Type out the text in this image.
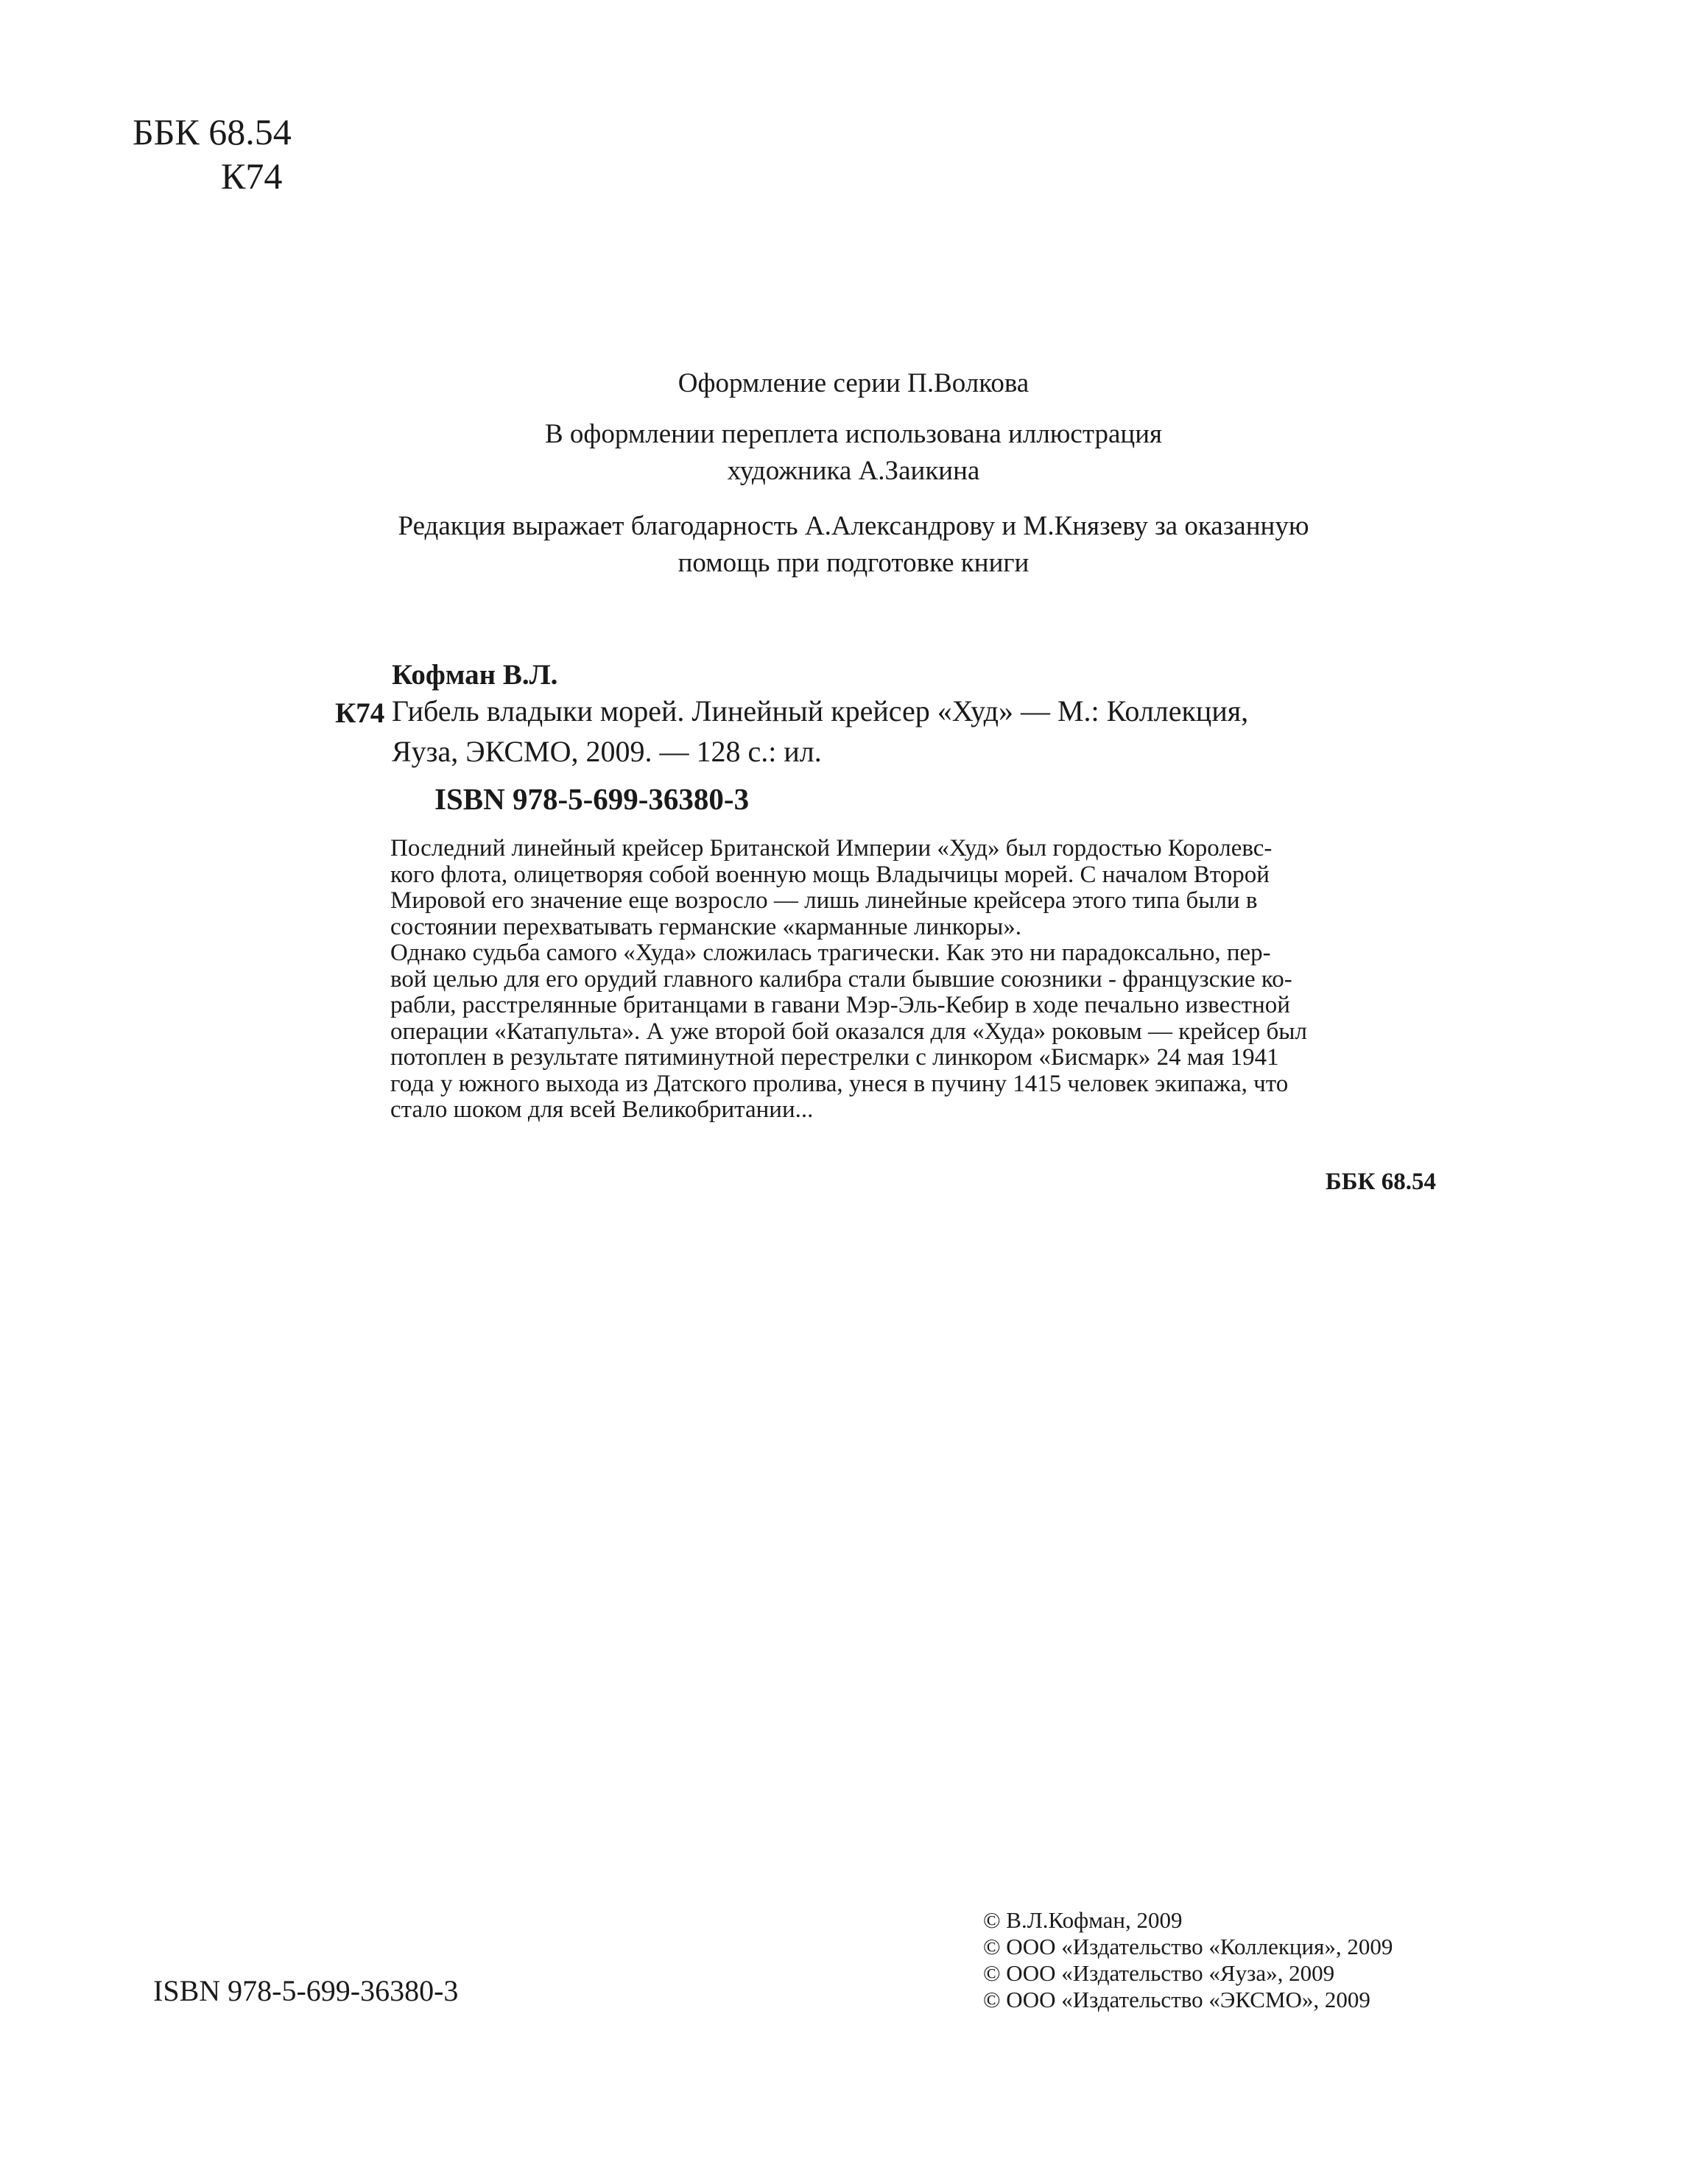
ББК 68.54
К74
Оформление серии П.Волкова
В оформлении переплета использована иллюстрация
художника А.Заикина
Редакция выражает благодарность А.Александрову и М.Князеву за оказанную
помощь при подготовке книги
Кофман В.Л.
К74 Гибель владыки морей. Линейный крейсер «Худ» — М.: Коллекция,
Яуза, ЭКСМО, 2009. — 128 с.: ил.
ISBN 978-5-699-36380-3

Последний линейный крейсер Британской Империи «Худ» был гордостью Королевс-
кого флота, олицетворяя собой военную мощь Владычицы морей. С началом Второй
Мировой его значение еще возросло — лишь линейные крейсера этого типа были в
состоянии перехватывать германские «карманные линкоры».

Однако судьба самого «Худа» сложилась трагически. Как это ни парадоксально, пер-
вой целью для его орудий главного калибра стали бывшие союзники - французские ко-
рабли, расстрелянные британцами в гавани Мэр-Эль-Кебир в ходе печально известной
операции «Катапульта». А уже второй бой оказался для «Худа» роковым — крейсер был
потоплен в результате пятиминутной перестрелки с линкором «Бисмарк» 24 мая 1941
года у южного выхода из Датского пролива, унеся в пучину 1415 человек экипажа, что
стало шоком для всей Великобритании...

ББК 68.54
ISBN 978-5-699-36380-3
© В.Л.Кофман, 2009
© ООО «Издательство «Коллекция», 2009
© ООО «Издательство «Яуза», 2009
© ООО «Издательство «ЭКСМО», 2009
